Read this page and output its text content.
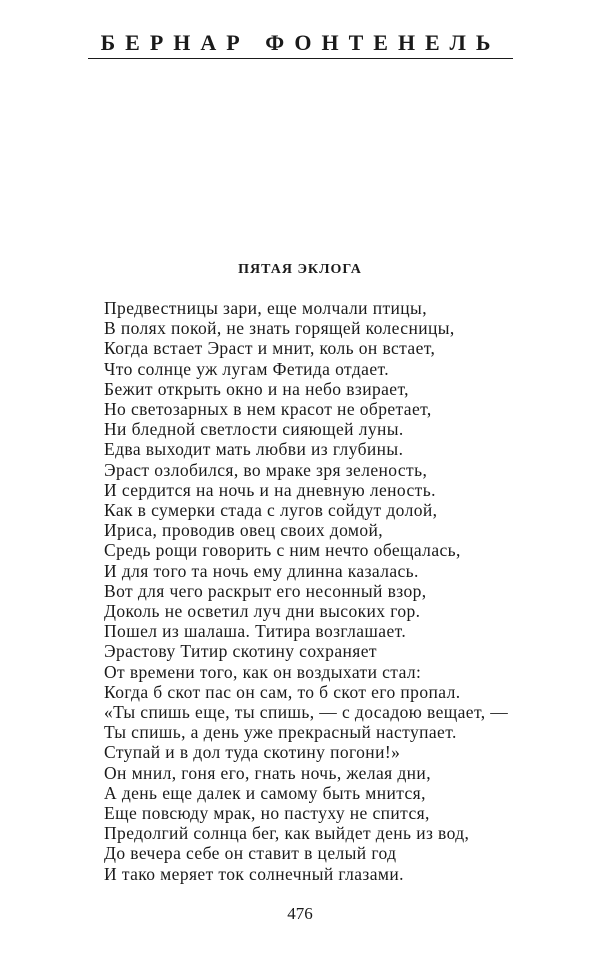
БЕРНАР ФОНТЕНЕЛЬ
ПЯТАЯ ЭКЛОГА
Предвестницы зари, еще молчали птицы,
В полях покой, не знать горящей колесницы,
Когда встает Эраст и мнит, коль он встает,
Что солнце уж лугам Фетида отдает.
Бежит открыть окно и на небо взирает,
Но светозарных в нем красот не обретает,
Ни бледной светлости сияющей луны.
Едва выходит мать любви из глубины.
Эраст озлобился, во мраке зря зеленость,
И сердится на ночь и на дневную леность.
Как в сумерки стада с лугов сойдут долой,
Ириса, проводив овец своих домой,
Средь рощи говорить с ним нечто обещалась,
И для того та ночь ему длинна казалась.
Вот для чего раскрыт его несонный взор,
Доколь не осветил луч дни высоких гор.
Пошел из шалаша. Титира возглашает.
Эрастову Титир скотину сохраняет
От времени того, как он воздыхати стал:
Когда б скот пас он сам, то б скот его пропал.
«Ты спишь еще, ты спишь, — с досадою вещает, —
Ты спишь, а день уже прекрасный наступает.
Ступай и в дол туда скотину погони!»
Он мнил, гоня его, гнать ночь, желая дни,
А день еще далек и самому быть мнится,
Еще повсюду мрак, но пастуху не спится,
Предолгий солнца бег, как выйдет день из вод,
До вечера себе он ставит в целый год
И тако меряет ток солнечный глазами.
476
